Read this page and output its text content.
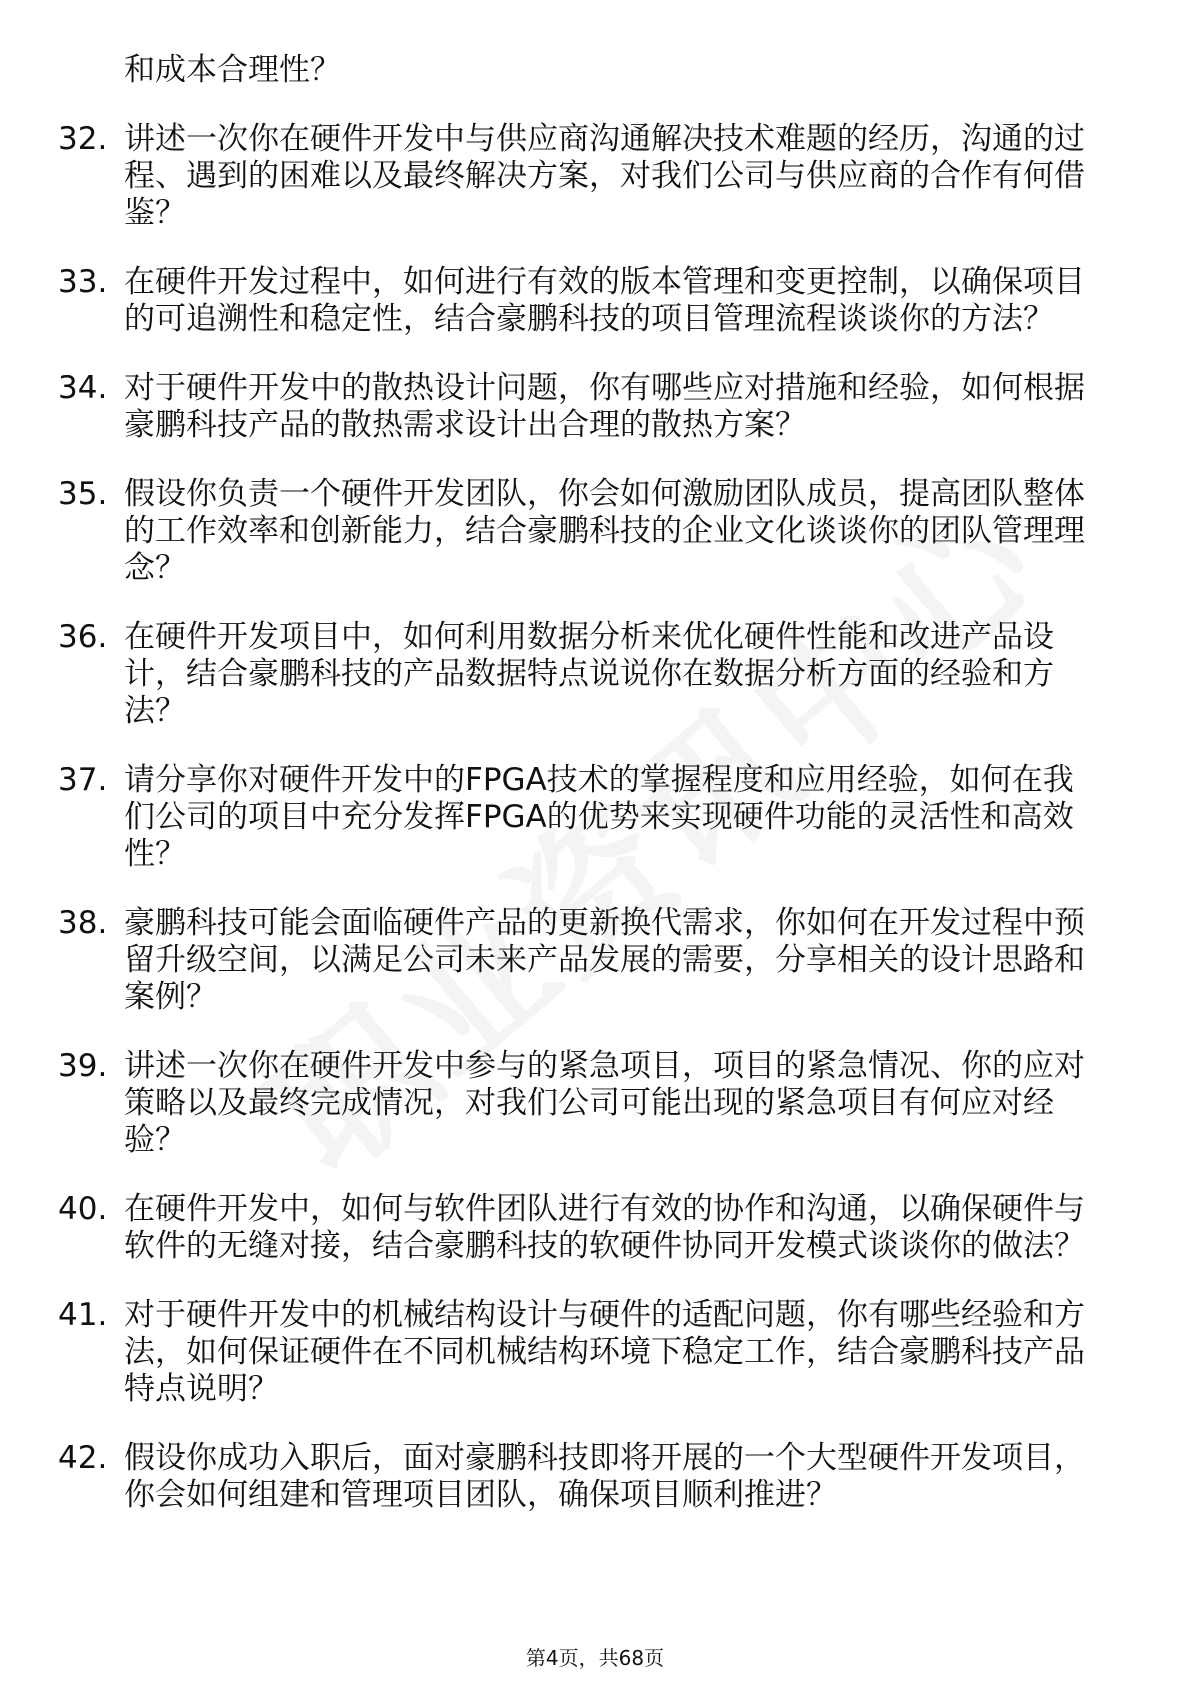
和成本合理性？
32. 讲述一次你在硬件开发中与供应商沟通解决技术难题的经历，沟通的过程、遇到的困难以及最终解决方案，对我们公司与供应商的合作有何借鉴？
33. 在硬件开发过程中，如何进行有效的版本管理和变更控制，以确保项目的可追溯性和稳定性，结合豪鹏科技的项目管理流程谈谈你的方法？
34. 对于硬件开发中的散热设计问题，你有哪些应对措施和经验，如何根据豪鹏科技产品的散热需求设计出合理的散热方案？
35. 假设你负责一个硬件开发团队，你会如何激励团队成员，提高团队整体的工作效率和创新能力，结合豪鹏科技的企业文化谈谈你的团队管理理念？
36. 在硬件开发项目中，如何利用数据分析来优化硬件性能和改进产品设计，结合豪鹏科技的产品数据特点说说你在数据分析方面的经验和方法？
37. 请分享你对硬件开发中的FPGA技术的掌握程度和应用经验，如何在我们公司的项目中充分发挥FPGA的优势来实现硬件功能的灵活性和高效性？
38. 豪鹏科技可能会面临硬件产品的更新换代需求，你如何在开发过程中预留升级空间，以满足公司未来产品发展的需要，分享相关的设计思路和案例？
39. 讲述一次你在硬件开发中参与的紧急项目，项目的紧急情况、你的应对策略以及最终完成情况，对我们公司可能出现的紧急项目有何应对经验？
40. 在硬件开发中，如何与软件团队进行有效的协作和沟通，以确保硬件与软件的无缝对接，结合豪鹏科技的软硬件协同开发模式谈谈你的做法？
41. 对于硬件开发中的机械结构设计与硬件的适配问题，你有哪些经验和方法，如何保证硬件在不同机械结构环境下稳定工作，结合豪鹏科技产品特点说明？
42. 假设你成功入职后，面对豪鹏科技即将开展的一个大型硬件开发项目，你会如何组建和管理项目团队，确保项目顺利推进？
第4页，共68页
